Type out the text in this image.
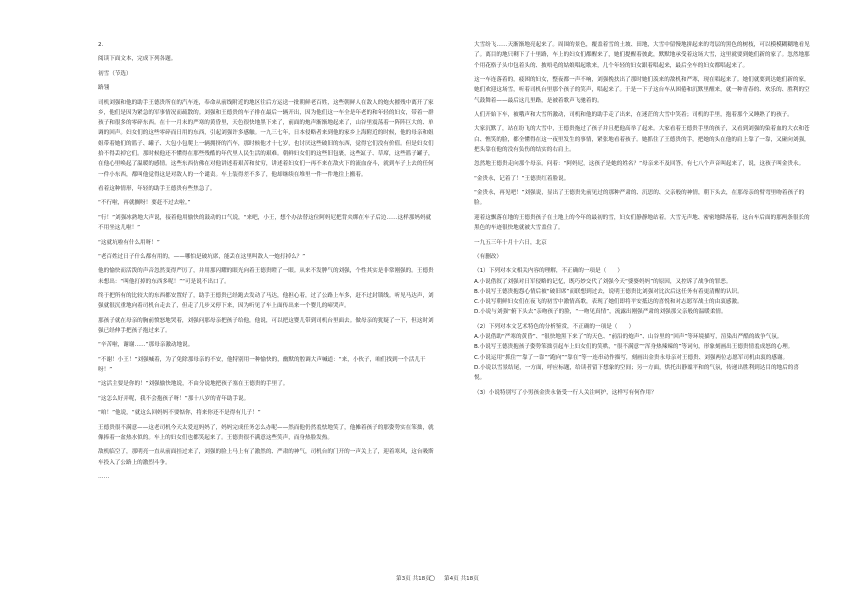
2.

阅读下面文本，完成下列各题。

初雪（节选）

路翎

司机刘强和他的助手王德贵所在的汽车连，奉命从前线附近的地区往后方运送一批朝鲜老百姓，这些朝鲜人在敌人的炮火摧残中离开了家乡，他们是因为紧急的军事情况而疏散的。刘强和王德贵的车子排在最后一辆开出，因为他们这一车全是年老的和年轻的妇女，带着一群孩子和很多的零碎东西。在十一月末的严寒的黄昏里，天色很快地黑下来了，前面的炮声渐渐地起来了，山谷里震荡着一阵阵巨大的、单调的回声。妇女们的这些零碎而日用的东西，引起刘强许多感触。一九三七年，日本侵略者来到他的家乡上海附近的时候，他的母亲和姐姐带着她们的篮子、罐子、大包小包爬上一辆拥挤的汽车，那时候他才十七岁，也讨厌这些破旧的东西，觉得它们没有价值。但是妇女们拾不得丢掉它们。那时候他还不懂得在那些残酷的年代里人民生活的艰难。朝鲜妇女们的这些旧包裹，这些缸子、草席，这些篮子罐子，在他心里唤起了温暖的感情。这些东西仿佛在对他讲述着艰苦和贫穷，讲述着妇女们一再不来在敌火下的流血奋斗，就到车子上去的任何一件小东西，都叫他觉得这是对敌人的一个谴责。车上装得差不多了，他却继续在堆里一件一件地往上搬着。

看着这种情形，年轻的助手王德贵有些焦急了。

“不行啦，再就搁呀！要赶不过去啦。”

“行！”刘强冰熟地大声说，接着他用愉快的鼓动的口气说，“来吧，小王，想个办法替这位阿妈尼把背夹绑在车子后边……这样那妈妈就不用坐这儿啦！”

“这就坑啦有什么用呀！”

“老百姓过日子什么都有用的，——哪怕是破坑席，能丢在这里叫敌人一炮打掉么？”

他的愉快而活泼的声音忽然变得严厉了，并用那闪耀的眼光向着王德贵瞪了一眼。从来不发脾气的刘强，个性其实是非常刚强的。王德贵未想出：“叫他打掉的东西多呢！”“可是说不出口了。

终于把所有的比较大的东西都安置好了，助手王德贵已经跑去发动了马达，他担心着，过了公路上车多，赶不过封锁线。听见马达声，刘强就很沉重地向着司机台走去了，但走了几步又停下来，因为听见了车上面传出来一个婴儿的啼哭声。

那孩子就在母亲的胸前愤怒地哭着，刘强问那母亲把孩子给他，他说，可以把这婴儿带到司机台里面去。做母亲的犹疑了一下，但这时刘强已经伸手把孩子抱过来了。

“辛苦啦，谢谢……”那母亲激动地说。

“不谢！小王！”刘强喊着，为了免除那母亲的不安，他特别用一种愉快的，幽默的腔调大声喊道：“来，小伙子，咱们找到一个活儿干呀！”

“这活主要是你的！”刘强愉快地说，不由分说地把孩子塞在王德贵的手里了。

“这怎么好弄呢，我不会抱孩子呀！”那十八岁的青年助手说。

“咱！”他说，“就这么回妈妈不要惦你，将来你还不是得有儿子！”

王德贵很不满意——这老司机今天太爱逗妈妈了，妈妈完成任务怎么办呢——然而他仍然羞怯地笑了，他摊着孩子的那姿势实在笨拙，就像捧着一盆热水似的。车上的妇女们也都笑起来了。王德贵很不满意这些笑声，而身热脸发热。

敌机临空了，那明亮一直从前面挂过来了，刘强的脸上马上有了激然的、严肃的神气，司机台的门开的一声关上了，迎着寒风，这台吸斯车投入了公路上的激烈斗争。

……

大雪纷飞……天渐渐地亮起来了。周围的景色，覆盖着雪的土坡、田地，大雪中留慢地拼起来的弯层的黑色的树枝，可以模模糊糊地看见了。离目的地只剩下了十里路，车上的妇女们都醒来了，她们提醒着彼此，默默地承受着这场大雪，这里就要到她们新的家了。忽然地那个用花格子头巾包着头的、披唔毛的姑娘唱起歌来，几个年轻的妇女跟着唱起来，最后全车的妇女都唱起来了。

这一车连落着的，疲困的妇女，整夜都一声不响，刘强挽扶出了那时她们羡来的敌机和严寒，现在唱起来了。她们就要到达她们新的家，她们欢迎这场雪，听着司机台里那个孩子的笑声，唱起来了。于是一下子这台车从困倦和沉默里醒来，就一种青春的、欢乐的、胜利的空气鼓舞着——最后这几里路，是被着歌声飞驰着的。

人们开始下车，被哦声和大雪所激动，司机和他的助手走了出来，在迷茫的大雪中笑着；司机的手里，抱着那个又睡熟了的孩子。

大家沉默了，站在纷飞的大雪中，王德贵拖过了孩子并且把他高举了起来。大家看着王德贵手里的孩子，又看到刘强的染着血的大衣和苍白、憔笑的脸，都全懂得在这一夜里发生的事情，紧张地看着孩子。她抓住了王德贵的手，把她的头在他的肩上靠了一靠，又碰向刘强，把头靠在他的没有负伤的结实的右肩上。

忽然地王德贵走向那个母亲，问着：“阿妈尼，这孩子是她的姓名？”母亲来不及回答，有七八个声音叫起来了，说，这孩子叫金贵永。

“金贵永，记着了！”王德贵红着脸说。

“金贵永，再见吧！”刘强说，显出了王德贵先前见过的那种严肃的、沉思的、父亲般的神情，朝下头去，在那母亲的臂弯里吻着孩子的脸。

迎着这飘落在地的王德贵孩子在土地上的今年的最初的雪，妇女们静静地站着。大雪无声地、密密地降落着，这台车后面的那两条很长的黑色的车迹很快地就被大雪盖住了。

一九五三年十月十六日，北京

（有删改）

（1）下列对本文相关内容的理解，不正确的一项是（　　）

A.小说借叙了刘强对日军侵略的记忆，既巧妙交代了刘强今天“婆婆妈妈”的原因，又控诉了战争的罪恶。

B.小说写王德贵抱怨心情后被“破旧席”而联想到过去，说明王德贵比刘强对比次后这任务有着更清醒的认识。

C.小说写朝鲜妇女们在夜飞的初雪中激情高歌，表现了她们即将平安抵达的喜悦和对志愿军战士的由衷感激。

D.小说与刘强“俯下头去”亲吻孩子的脸，“一吻见真情”，流露出刚强严肃的刘强那父亲般的温暖柔情。

（2）下列对本文艺术特色的分析鉴赏，不正确的一项是（　　）

A.小说借助“严寒的黄昏”、“很快地黑下来了”的天色、“前沿的炮声”、山谷里的“回声”等环境描写，渲染出严酷的战争气氛。

B.小说写王德贵抱孩子姿势笨拙引起车上妇女们的笑哄，“很不满意”“浑身热辣辣的”等词句，形象刻画出王德贵情羞成怒的心理。

C.小说运用“抓住”“靠了一靠”“跑向”“靠在”等一连串动作描写，刻画出金贵永母亲对王德贵、刘强两位志愿军司机由衷的感谢。

D.小说以雪景结尾，一方面，呼应标题，给读者留下想象的空间；另一方面，烘托出静谧平和的气氛，传递出胜利到达目的地后的喜悦。

（3）小说特别写了小男孩金贵永备受一行人关注呵护，这样写有何作用？

第3页 共18页
○ 第4页 共18页
